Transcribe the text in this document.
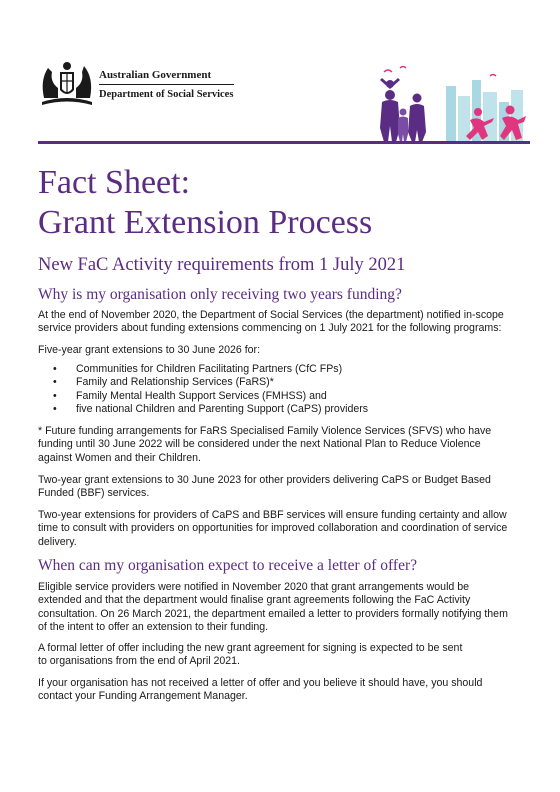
Australian Government
Department of Social Services
Fact Sheet:
Grant Extension Process
New FaC Activity requirements from 1 July 2021
Why is my organisation only receiving two years funding?
At the end of November 2020, the Department of Social Services (the department) notified in-scope
service providers about funding extensions commencing on 1 July 2021 for the following programs:
Five-year grant extensions to 30 June 2026 for:
• Communities for Children Facilitating Partners (CfC FPs)
• Family and Relationship Services (FaRS)*
• Family Mental Health Support Services (FMHSS) and
• five national Children and Parenting Support (CaPS) providers
* Future funding arrangements for FaRS Specialised Family Violence Services (SFVS) who have
funding until 30 June 2022 will be considered under the next National Plan to Reduce Violence
against Women and their Children.
Two-year grant extensions to 30 June 2023 for other providers delivering CaPS or Budget Based
Funded (BBF) services.
Two-year extensions for providers of CaPS and BBF services will ensure funding certainty and allow
time to consult with providers on opportunities for improved collaboration and coordination of service
delivery.
When can my organisation expect to receive a letter of offer?
Eligible service providers were notified in November 2020 that grant arrangements would be
extended and that the department would finalise grant agreements following the FaC Activity
consultation. On 26 March 2021, the department emailed a letter to providers formally notifying them
of the intent to offer an extension to their funding.
A formal letter of offer including the new grant agreement for signing is expected to be sent
to organisations from the end of April 2021.
If your organisation has not received a letter of offer and you believe it should have, you should
contact your Funding Arrangement Manager.
